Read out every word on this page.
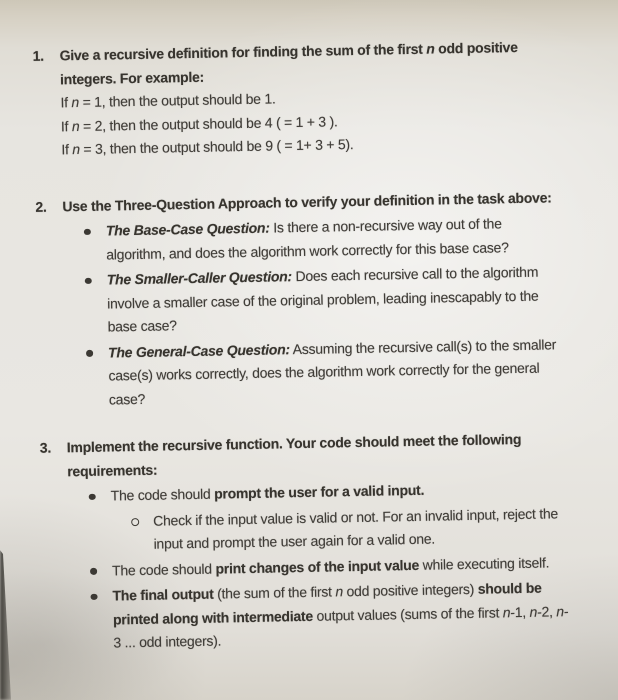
1.	Give a recursive definition for finding the sum of the first n odd positive integers. For example:

If n = 1, then the output should be 1.

If n = 2, then the output should be 4 ( = 1 + 3 ).

If n = 3, then the output should be 9 ( = 1+ 3 + 5).

2.	Use the Three-Question Approach to verify your definition in the task above:

The Base-Case Question: Is there a non-recursive way out of the algorithm, and does the algorithm work correctly for this base case?

The Smaller-Caller Question: Does each recursive call to the algorithm involve a smaller case of the original problem, leading inescapably to the base case?

The General-Case Question: Assuming the recursive call(s) to the smaller case(s) works correctly, does the algorithm work correctly for the general case?

3.	Implement the recursive function. Your code should meet the following requirements:

The code should prompt the user for a valid input.

Check if the input value is valid or not. For an invalid input, reject the input and prompt the user again for a valid one.

The code should print changes of the input value while executing itself.

The final output (the sum of the first n odd positive integers) should be printed along with intermediate output values (sums of the first n-1, n-2, n-3 ... odd integers).
